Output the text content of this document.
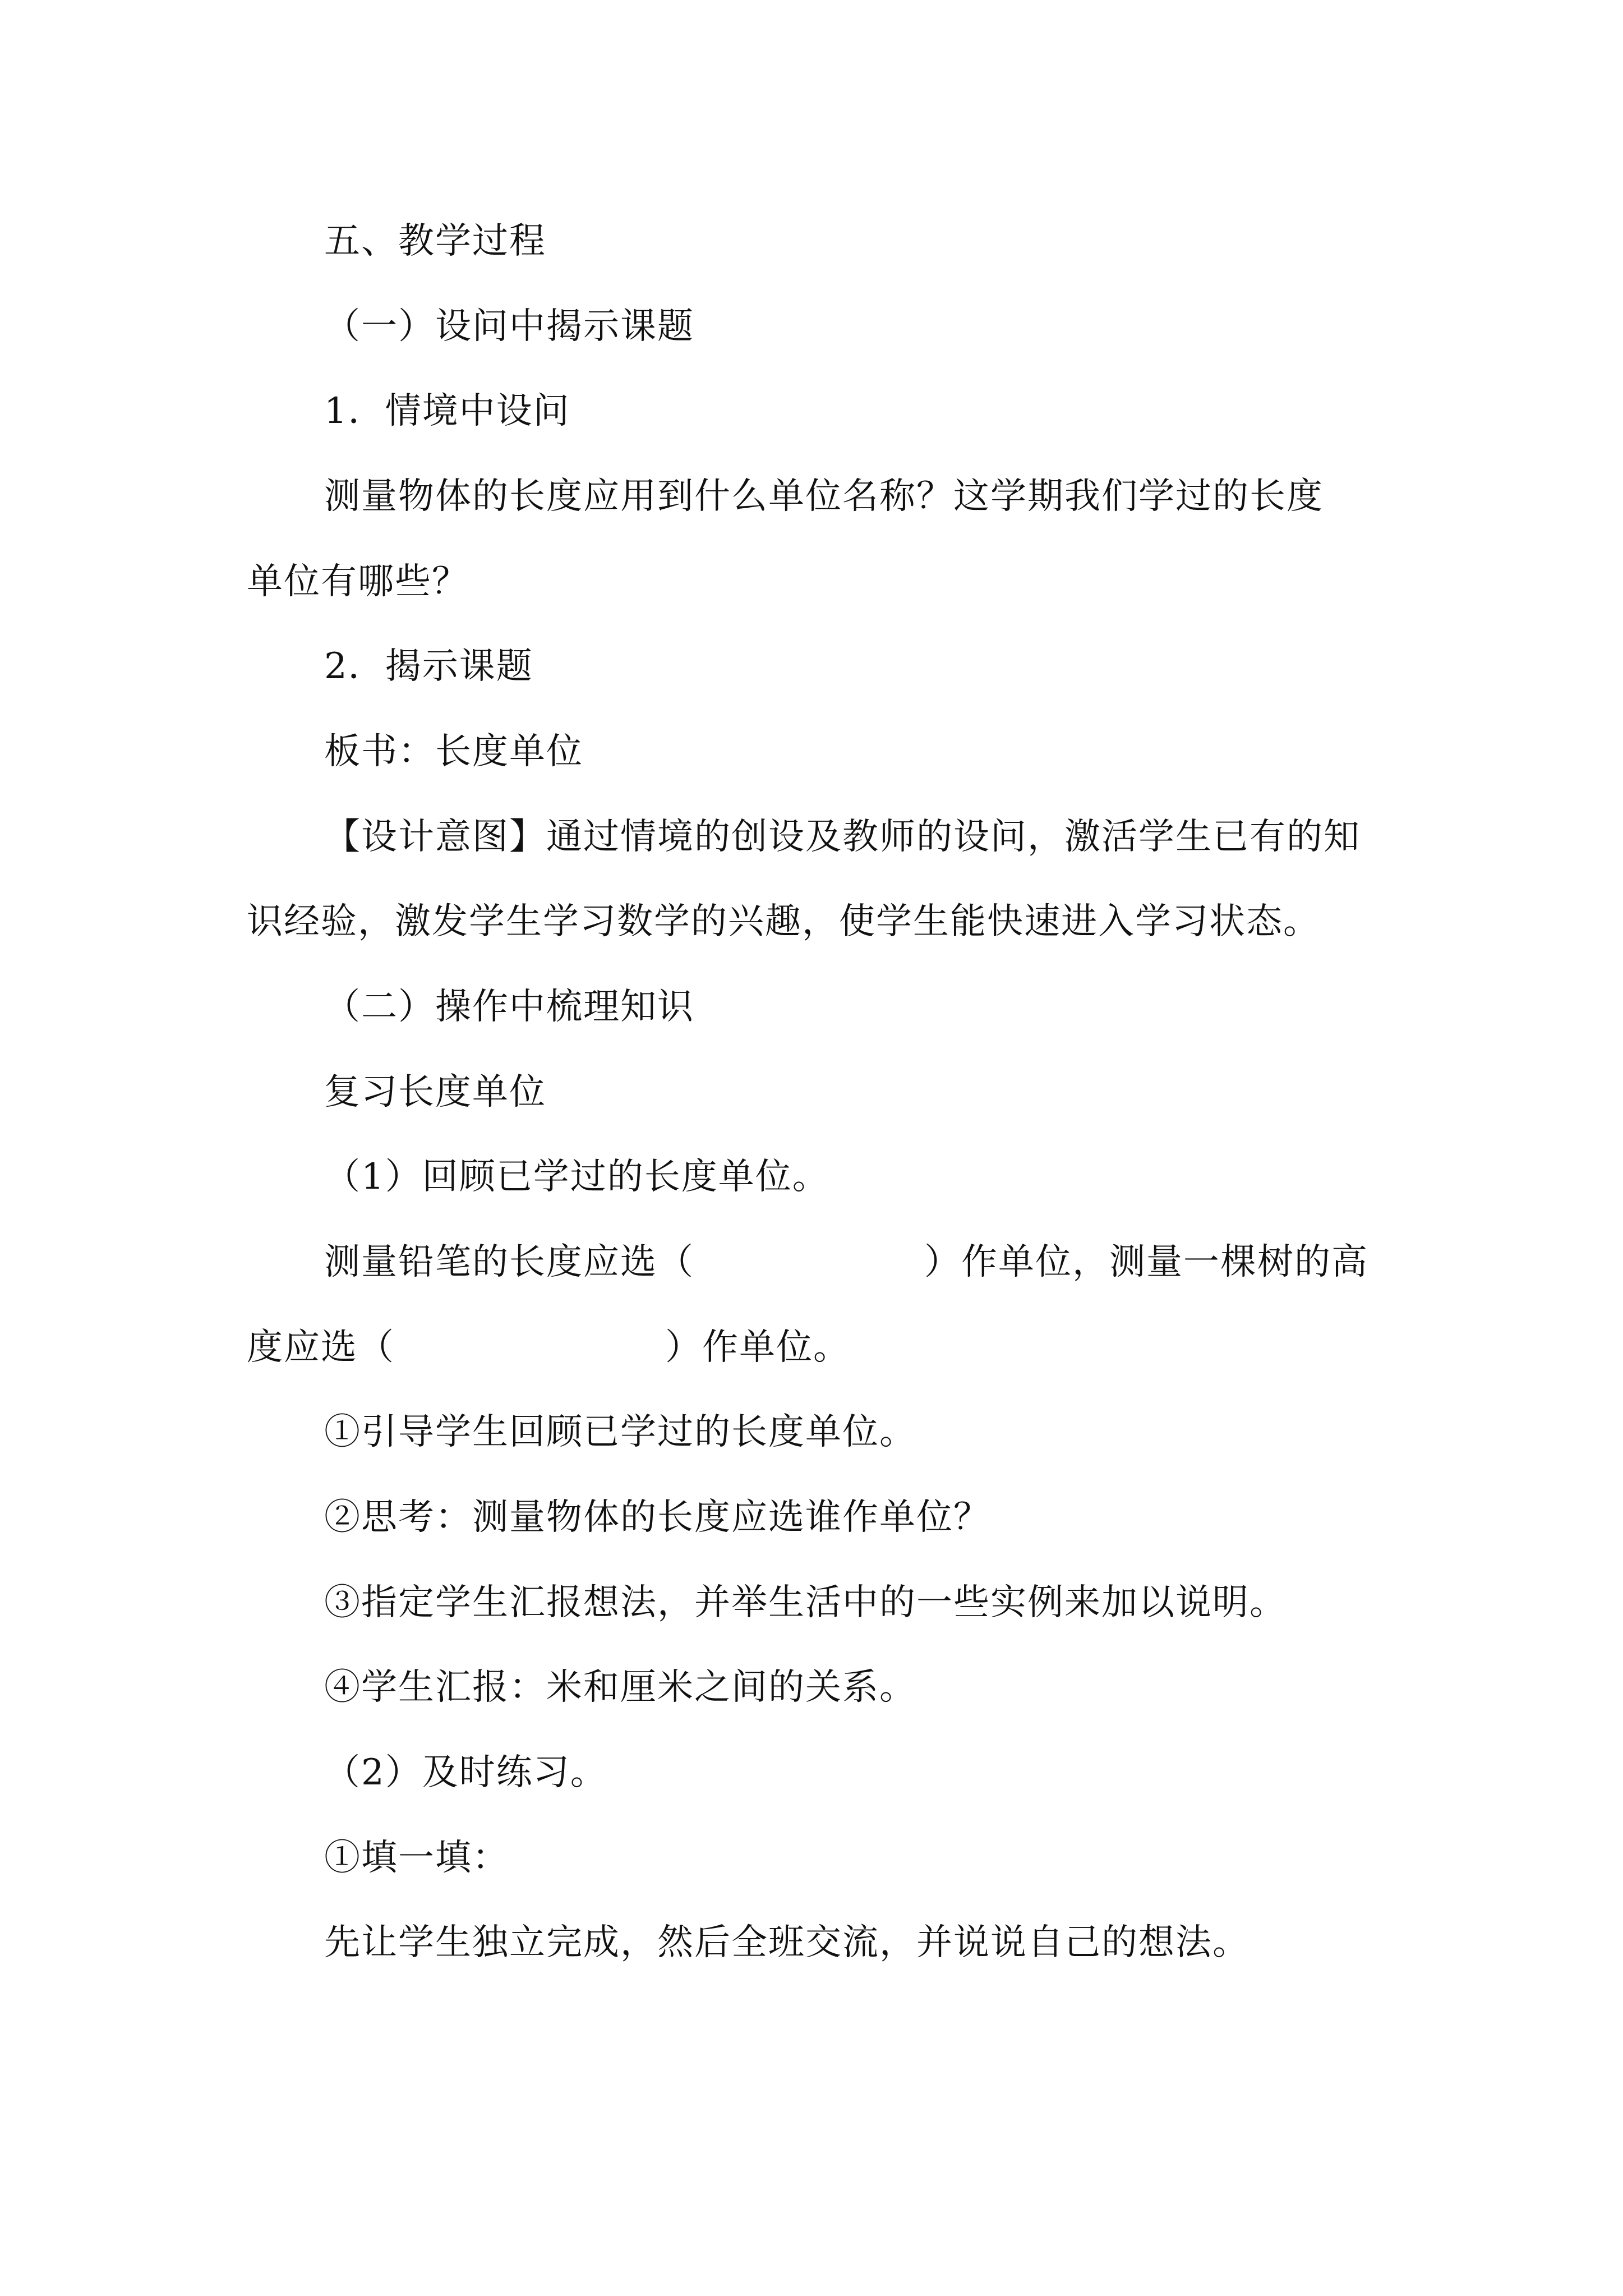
五、教学过程
（一）设问中揭示课题
1．情境中设问
测量物体的长度应用到什么单位名称？这学期我们学过的长度
单位有哪些？
2．揭示课题
板书：长度单位
【设计意图】通过情境的创设及教师的设问，激活学生已有的知
识经验，激发学生学习数学的兴趣，使学生能快速进入学习状态。
（二）操作中梳理知识
复习长度单位
（1）回顾已学过的长度单位。
测量铅笔的长度应选（	）作单位，测量一棵树的高
度应选（	）作单位。
①引导学生回顾已学过的长度单位。
②思考：测量物体的长度应选谁作单位？
③指定学生汇报想法，并举生活中的一些实例来加以说明。
④学生汇报：米和厘米之间的关系。
（2）及时练习。
①填一填：
先让学生独立完成，然后全班交流，并说说自己的想法。
